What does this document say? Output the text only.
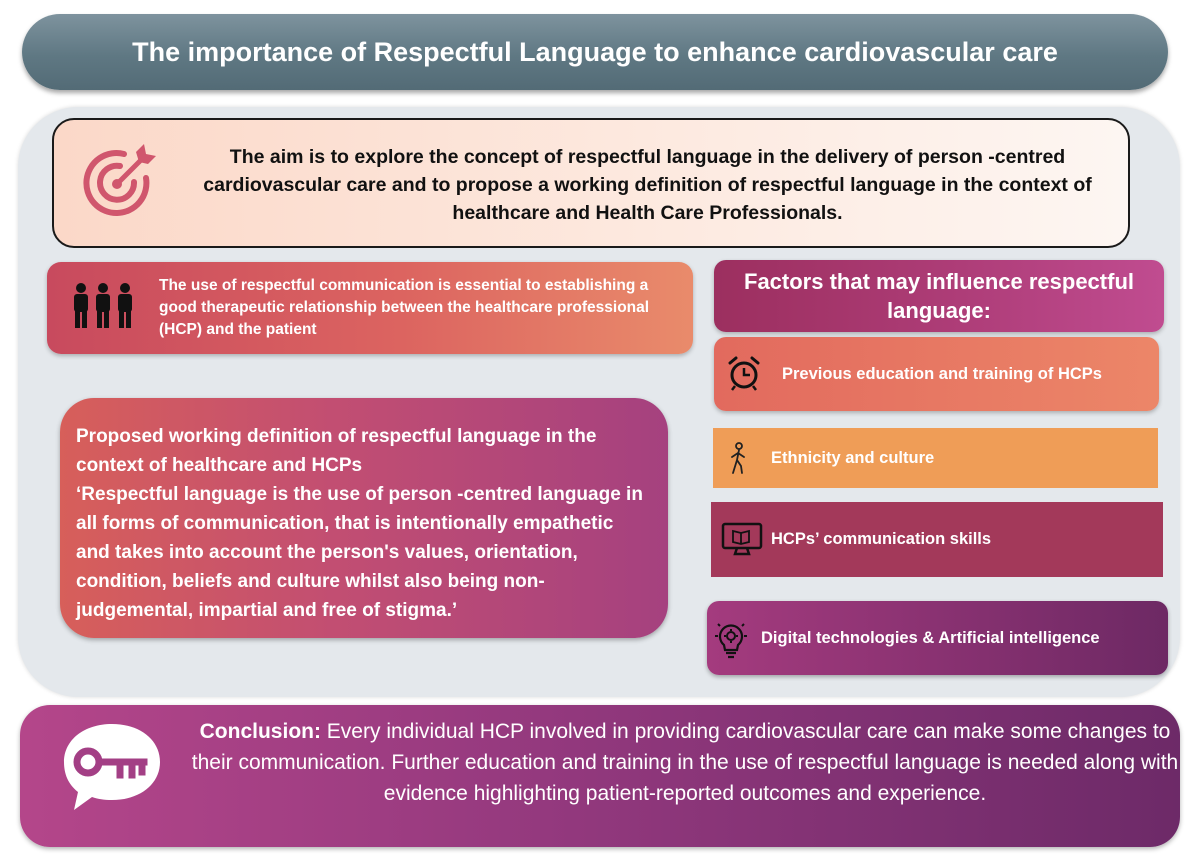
The importance of Respectful Language to enhance cardiovascular care
The aim is to explore the concept of respectful language in the delivery of person -centred cardiovascular care and to propose a working definition of respectful language in the context of healthcare and Health Care Professionals.
The use of respectful communication is essential to establishing a good therapeutic relationship between the healthcare professional (HCP) and the patient
Proposed working definition of respectful language in the context of healthcare and HCPs
‘Respectful language is the use of person -centred language in all forms of communication, that is intentionally empathetic and takes into account the person's values, orientation, condition, beliefs and culture whilst also being non-judgemental, impartial and free of stigma.’
Factors that may influence respectful language:
Previous education and training of HCPs
Ethnicity and culture
HCPs’ communication skills
Digital technologies & Artificial intelligence
Conclusion: Every individual HCP involved in providing cardiovascular care can make some changes to their communication. Further education and training in the use of respectful language is needed along with evidence highlighting patient-reported outcomes and experience.
